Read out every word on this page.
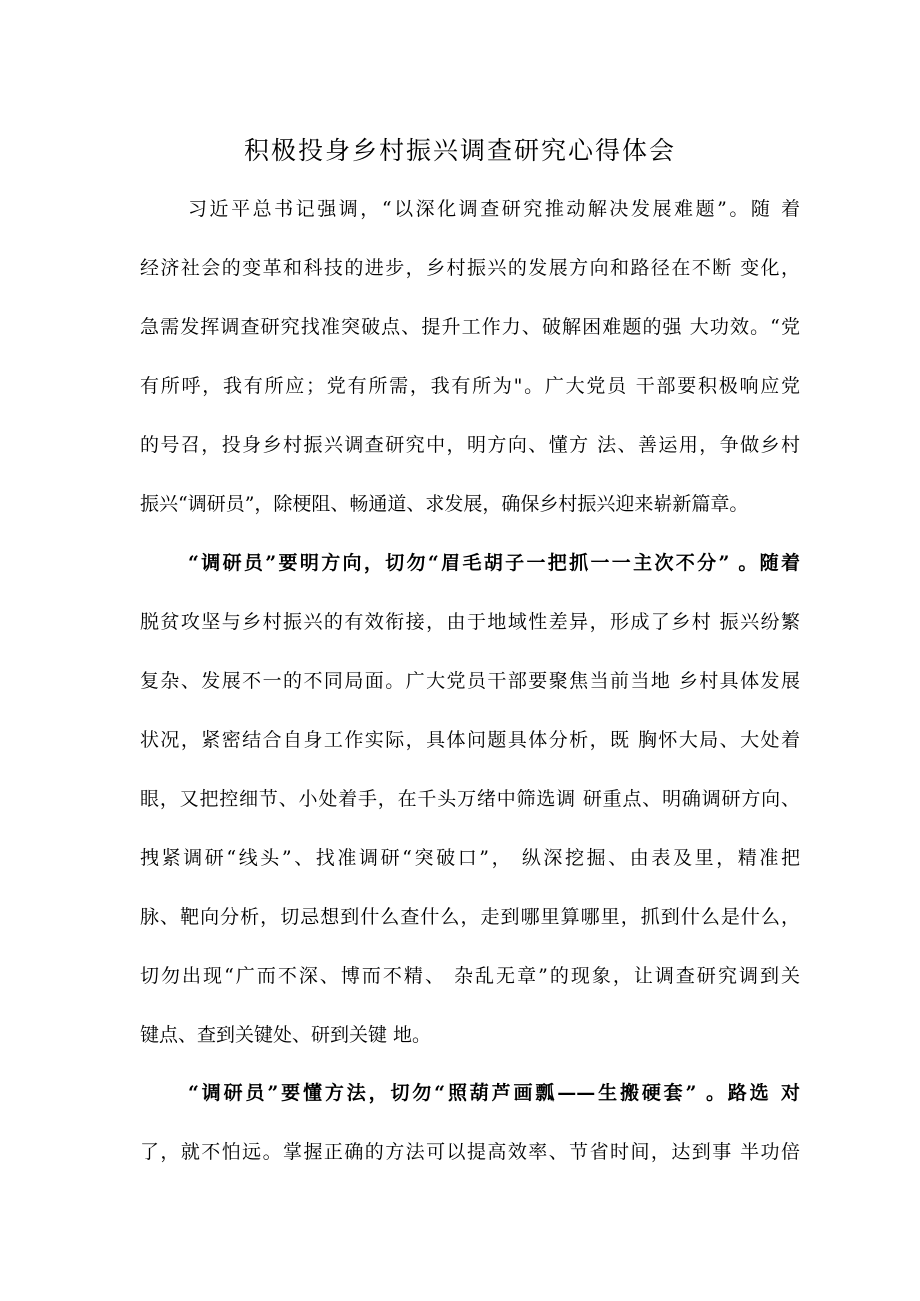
积极投身乡村振兴调查研究心得体会
习近平总书记强调，“以深化调查研究推动解决发展难题”。随 着
经济社会的变革和科技的进步，乡村振兴的发展方向和路径在不断 变化，
急需发挥调查研究找准突破点、提升工作力、破解困难题的强 大功效。“党
有所呼，我有所应；党有所需，我有所为"。广大党员 干部要积极响应党
的号召，投身乡村振兴调查研究中，明方向、懂方 法、善运用，争做乡村
振兴“调研员”，除梗阻、畅通道、求发展，确保乡村振兴迎来崭新篇章。
“调研员”要明方向，切勿“眉毛胡子一把抓一一主次不分” 。随着
脱贫攻坚与乡村振兴的有效衔接，由于地域性差异，形成了乡村 振兴纷繁
复杂、发展不一的不同局面。广大党员干部要聚焦当前当地 乡村具体发展
状况，紧密结合自身工作实际，具体问题具体分析，既 胸怀大局、大处着
眼，又把控细节、小处着手，在千头万绪中筛选调 研重点、明确调研方向、
拽紧调研“线头”、找准调研“突破口”， 纵深挖掘、由表及里，精准把
脉、靶向分析，切忌想到什么查什么，走到哪里算哪里，抓到什么是什么，
切勿出现“广而不深、博而不精、 杂乱无章”的现象，让调查研究调到关
键点、查到关键处、研到关键 地。
“调研员”要懂方法，切勿“照葫芦画瓢——生搬硬套” 。路选 对
了，就不怕远。掌握正确的方法可以提高效率、节省时间，达到事 半功倍
